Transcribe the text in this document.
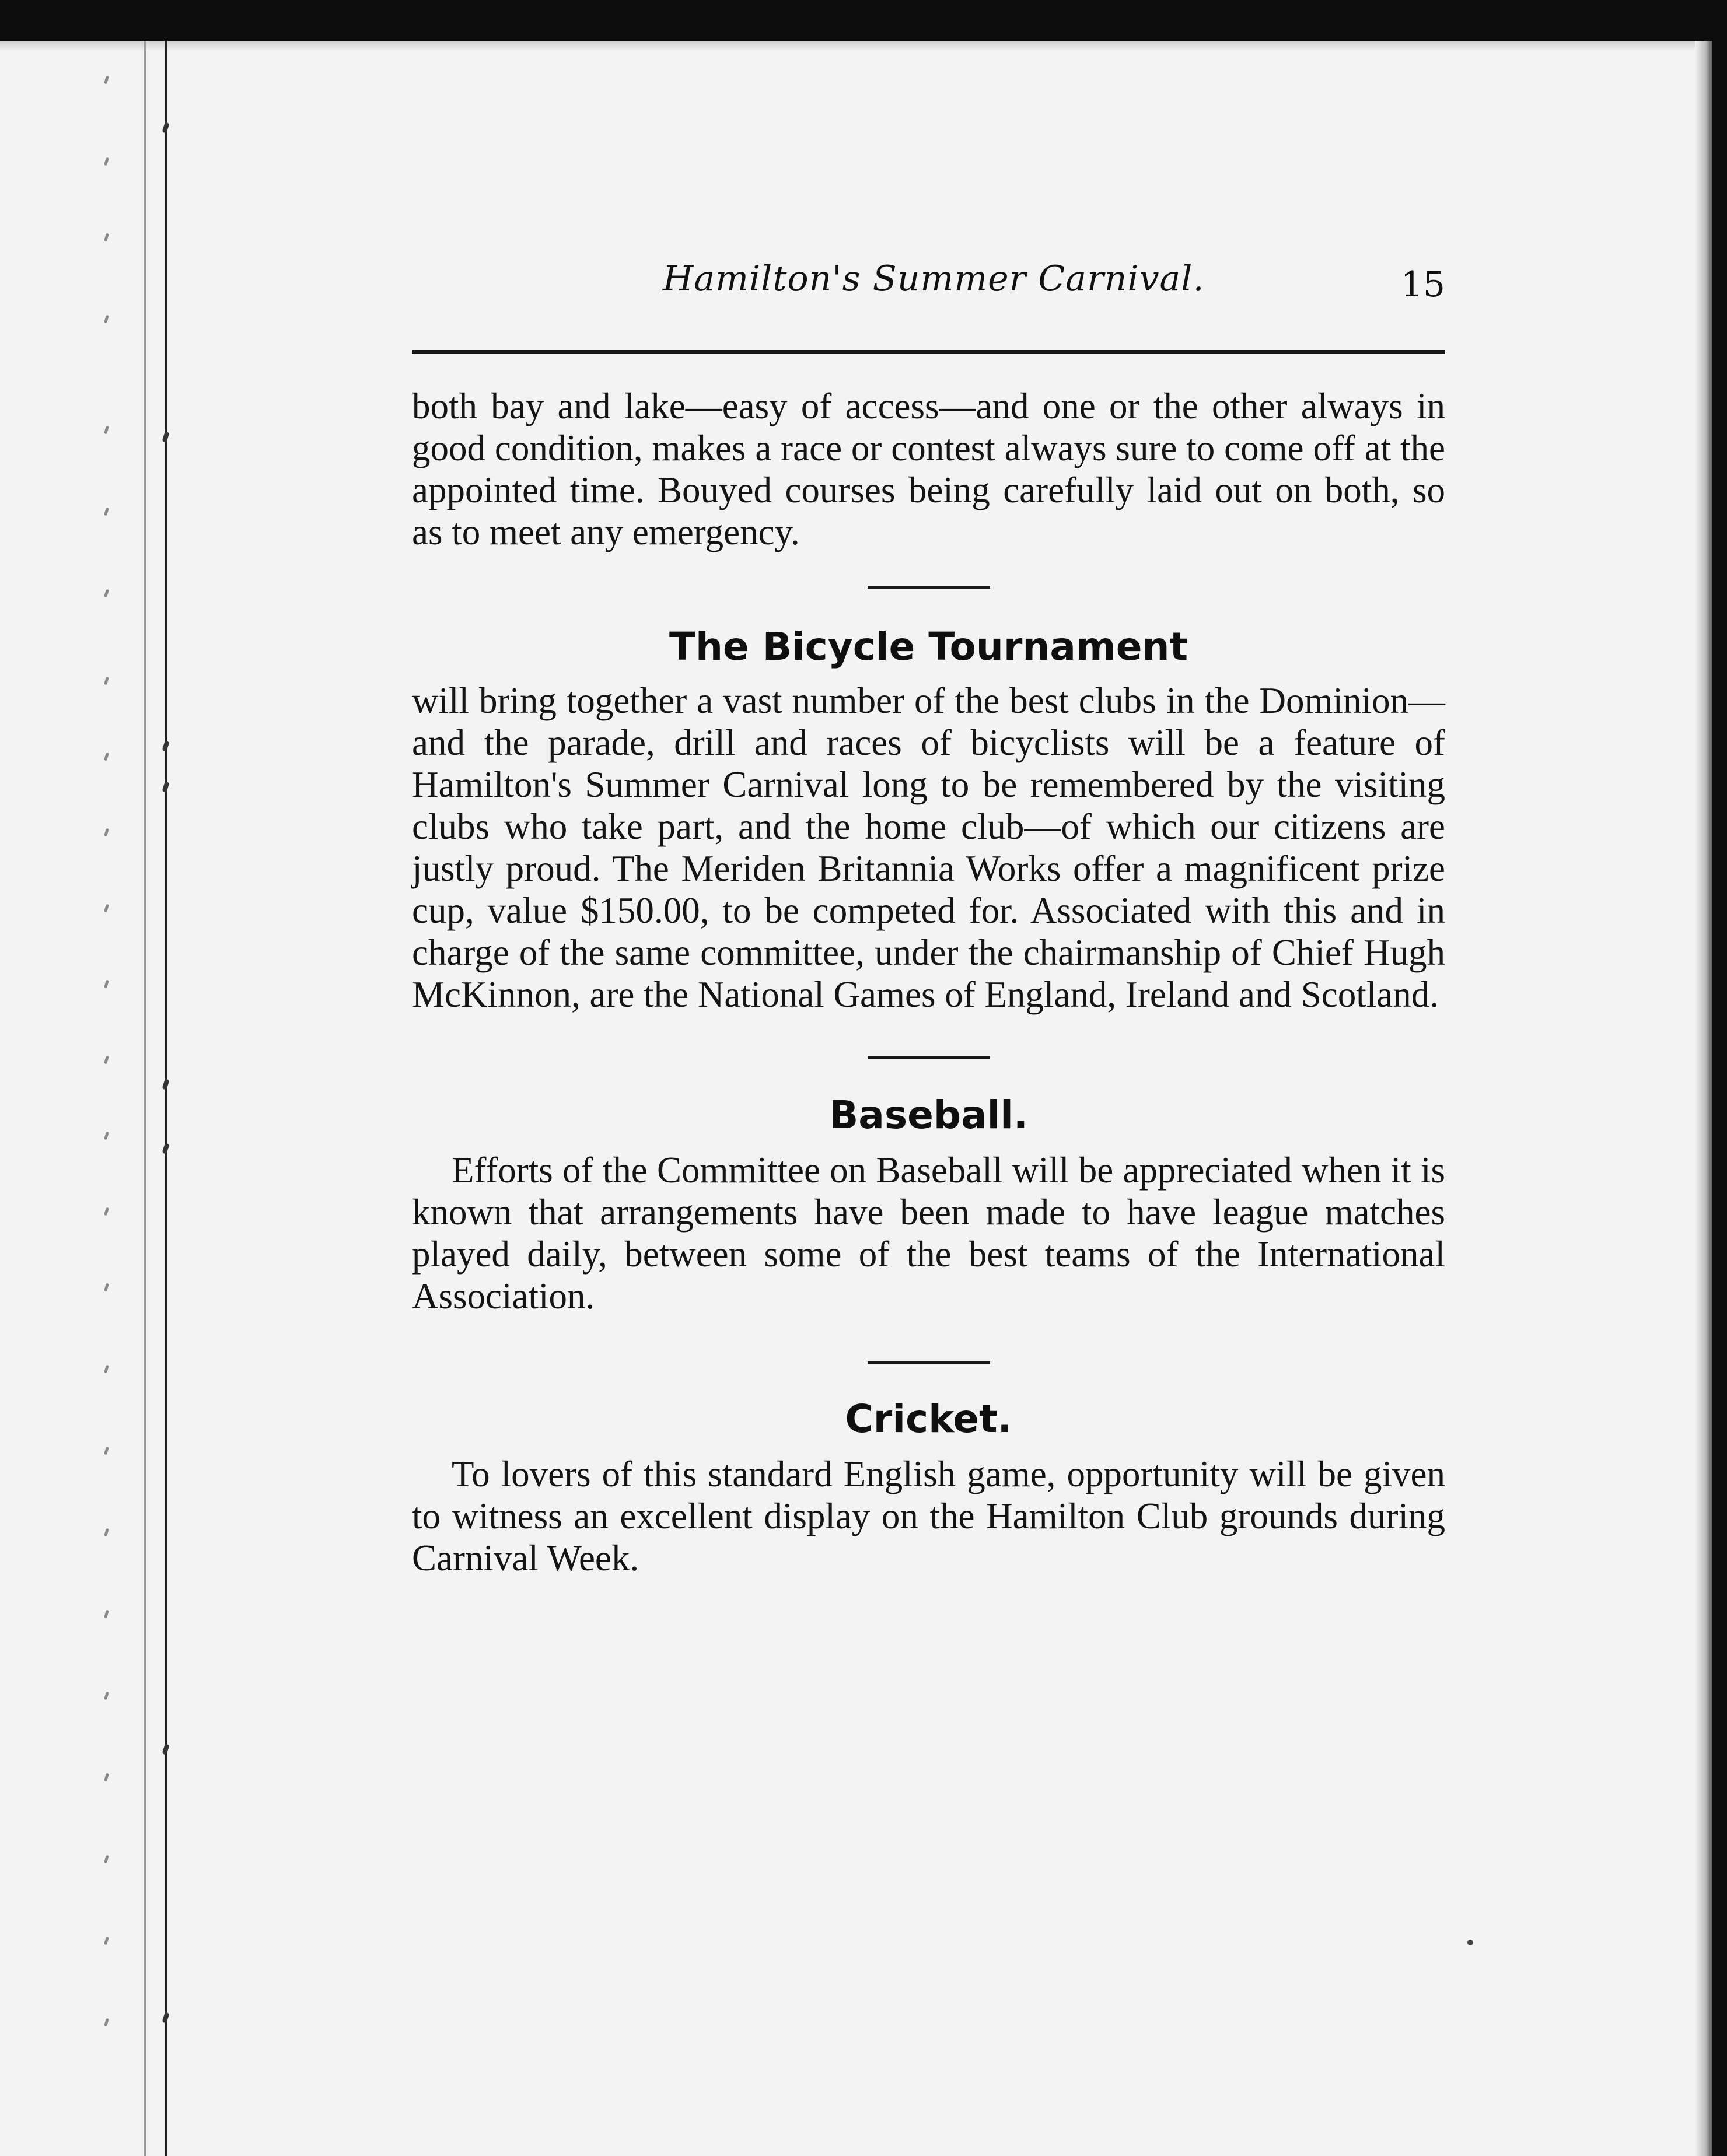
Hamilton's Summer Carnival.	15

both bay and lake—easy of access—and one or the other always in good condition, makes a race or contest always sure to come off at the appointed time. Bouyed courses being carefully laid out on both, so as to meet any emergency.

The Bicycle Tournament

will bring together a vast number of the best clubs in the Dominion—and the parade, drill and races of bicyclists will be a feature of Hamilton's Summer Carnival long to be remembered by the visiting clubs who take part, and the home club—of which our citizens are justly proud. The Meriden Britannia Works offer a magnificent prize cup, value $150.00, to be competed for. Associated with this and in charge of the same committee, under the chairmanship of Chief Hugh McKinnon, are the National Games of England, Ireland and Scotland.

Baseball.

Efforts of the Committee on Baseball will be appreciated when it is known that arrangements have been made to have league matches played daily, between some of the best teams of the International Association.

Cricket.

To lovers of this standard English game, opportunity will be given to witness an excellent display on the Hamilton Club grounds during Carnival Week.
